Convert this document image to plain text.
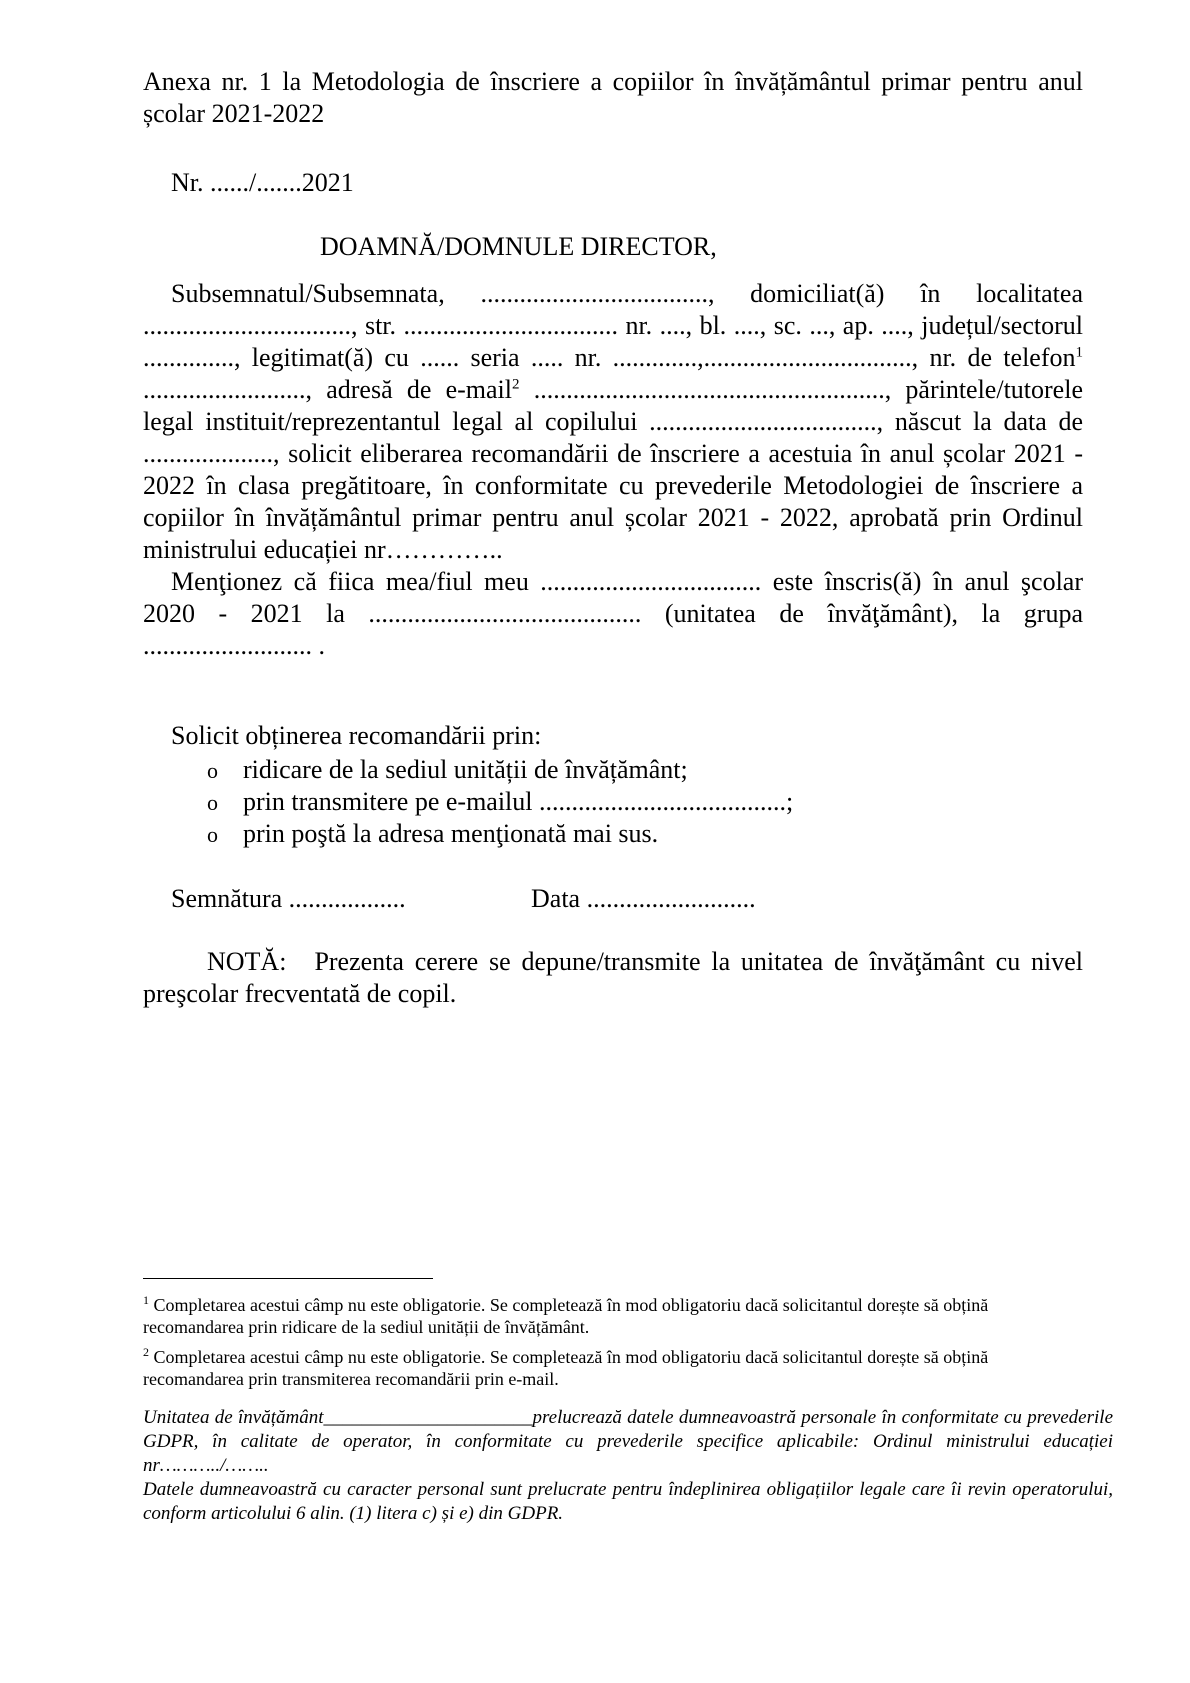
Anexa nr. 1 la Metodologia de înscriere a copiilor în învățământul primar pentru anul școlar 2021-2022

Nr. ....../.......2021
DOAMNĂ/DOMNULE DIRECTOR,

Subsemnatul/Subsemnata, ..................................., domiciliat(ă) în localitatea ................................, str. ................................. nr. ...., bl. ...., sc. ..., ap. ...., județul/sectorul .............., legitimat(ă) cu ...... seria ..... nr. .............,................................, nr. de telefon$^1$ ........................., adresă de e-mail$^2$ ......................................................, părintele/tutorele legal instituit/reprezentantul legal al copilului ..................................., născut la data de ...................., solicit eliberarea recomandării de înscriere a acestuia în anul școlar 2021 - 2022 în clasa pregătitoare, în conformitate cu prevederile Metodologiei de înscriere a copiilor în învățământul primar pentru anul școlar 2021 - 2022, aprobată prin Ordinul ministrului educației nr…………..

Menţionez că fiica mea/fiul meu .................................. este înscris(ă) în anul şcolar 2020 - 2021 la .......................................... (unitatea de învăţământ), la grupa .......................... .

Solicit obținerea recomandării prin:

o ridicare de la sediul unității de învățământ;
o prin transmitere pe e-mailul ......................................;
o prin poştă la adresa menţionată mai sus.
Semnătura ..................	Data ..........................

NOTĂ: Prezenta cerere se depune/transmite la unitatea de învăţământ cu nivel preşcolar frecventată de copil.

$^1$ Completarea acestui câmp nu este obligatorie. Se completează în mod obligatoriu dacă solicitantul dorește să obțină recomandarea prin ridicare de la sediul unității de învățământ.
$^2$ Completarea acestui câmp nu este obligatorie. Se completează în mod obligatoriu dacă solicitantul dorește să obțină recomandarea prin transmiterea recomandării prin e-mail.

Unitatea de învățământ______________________prelucrează datele dumneavoastră personale în conformitate cu prevederile GDPR, în calitate de operator, în conformitate cu prevederile specifice aplicabile: Ordinul ministrului educației nr………../……..

Datele dumneavoastră cu caracter personal sunt prelucrate pentru îndeplinirea obligațiilor legale care îi revin operatorului, conform articolului 6 alin. (1) litera c) și e) din GDPR.
